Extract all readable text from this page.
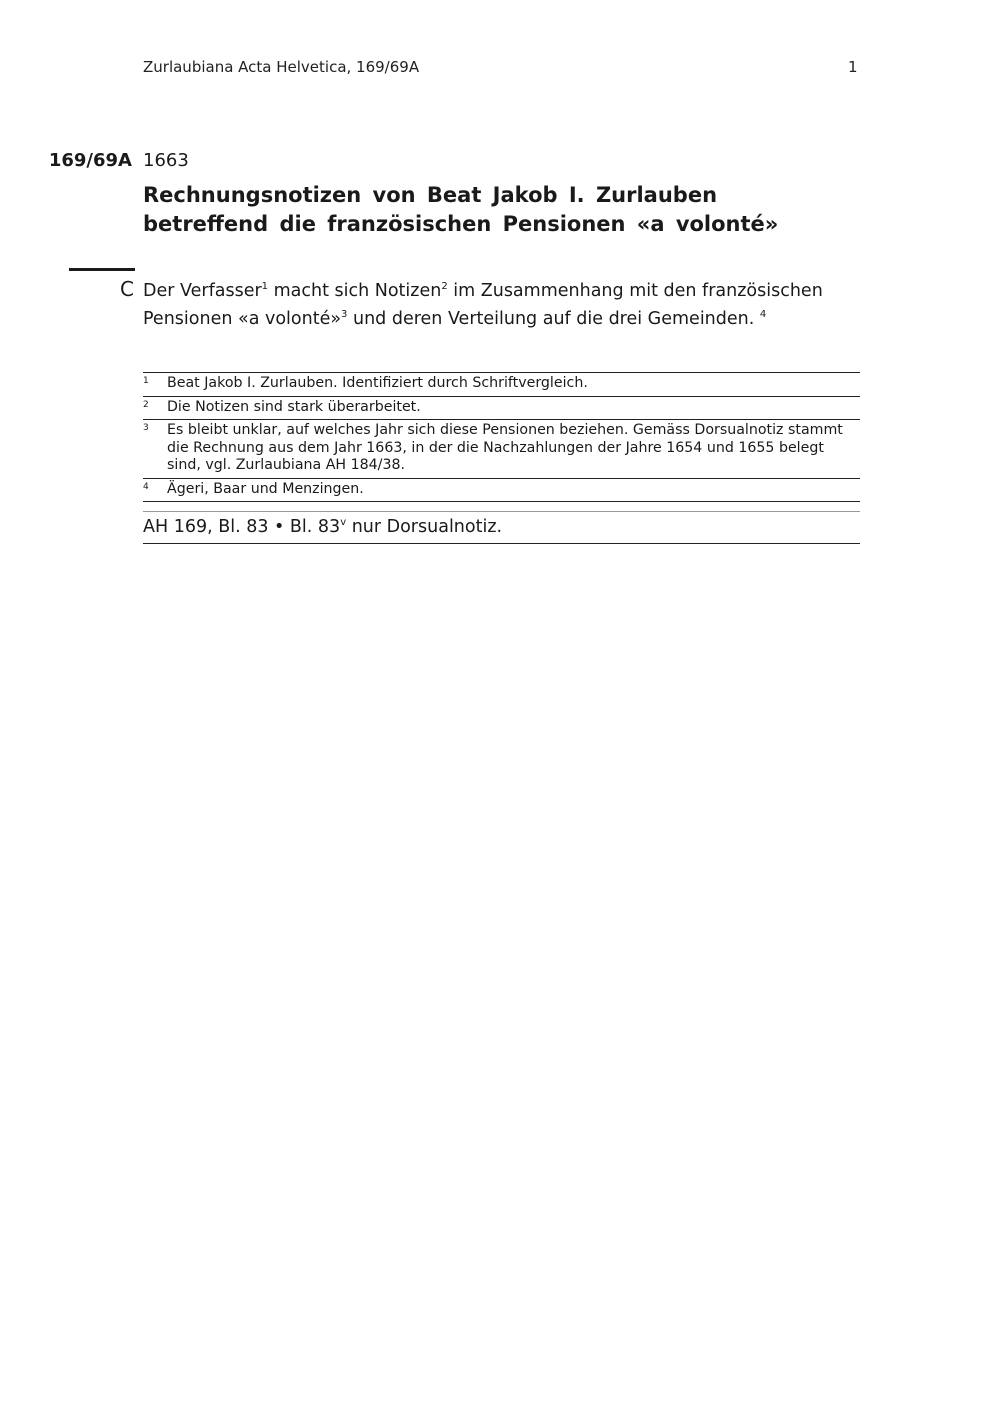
Zurlaubiana Acta Helvetica, 169/69A	1
169/69A 1663
Rechnungsnotizen von Beat Jakob I. Zurlauben betreffend die französischen Pensionen «a volonté»
C Der Verfasser$^1$ macht sich Notizen$^2$ im Zusammenhang mit den französischen Pensionen «a volonté»$^3$ und deren Verteilung auf die drei Gemeinden. $^4$

1	Beat Jakob I. Zurlauben. Identifiziert durch Schriftvergleich.
2	Die Notizen sind stark überarbeitet.
3	Es bleibt unklar, auf welches Jahr sich diese Pensionen beziehen. Gemäss Dorsualnotiz stammt die Rechnung aus dem Jahr 1663, in der die Nachzahlungen der Jahre 1654 und 1655 belegt sind, vgl. Zurlaubiana AH 184/38.
4	Ägeri, Baar und Menzingen.
AH 169, Bl. 83 • Bl. 83$^v$ nur Dorsualnotiz.
